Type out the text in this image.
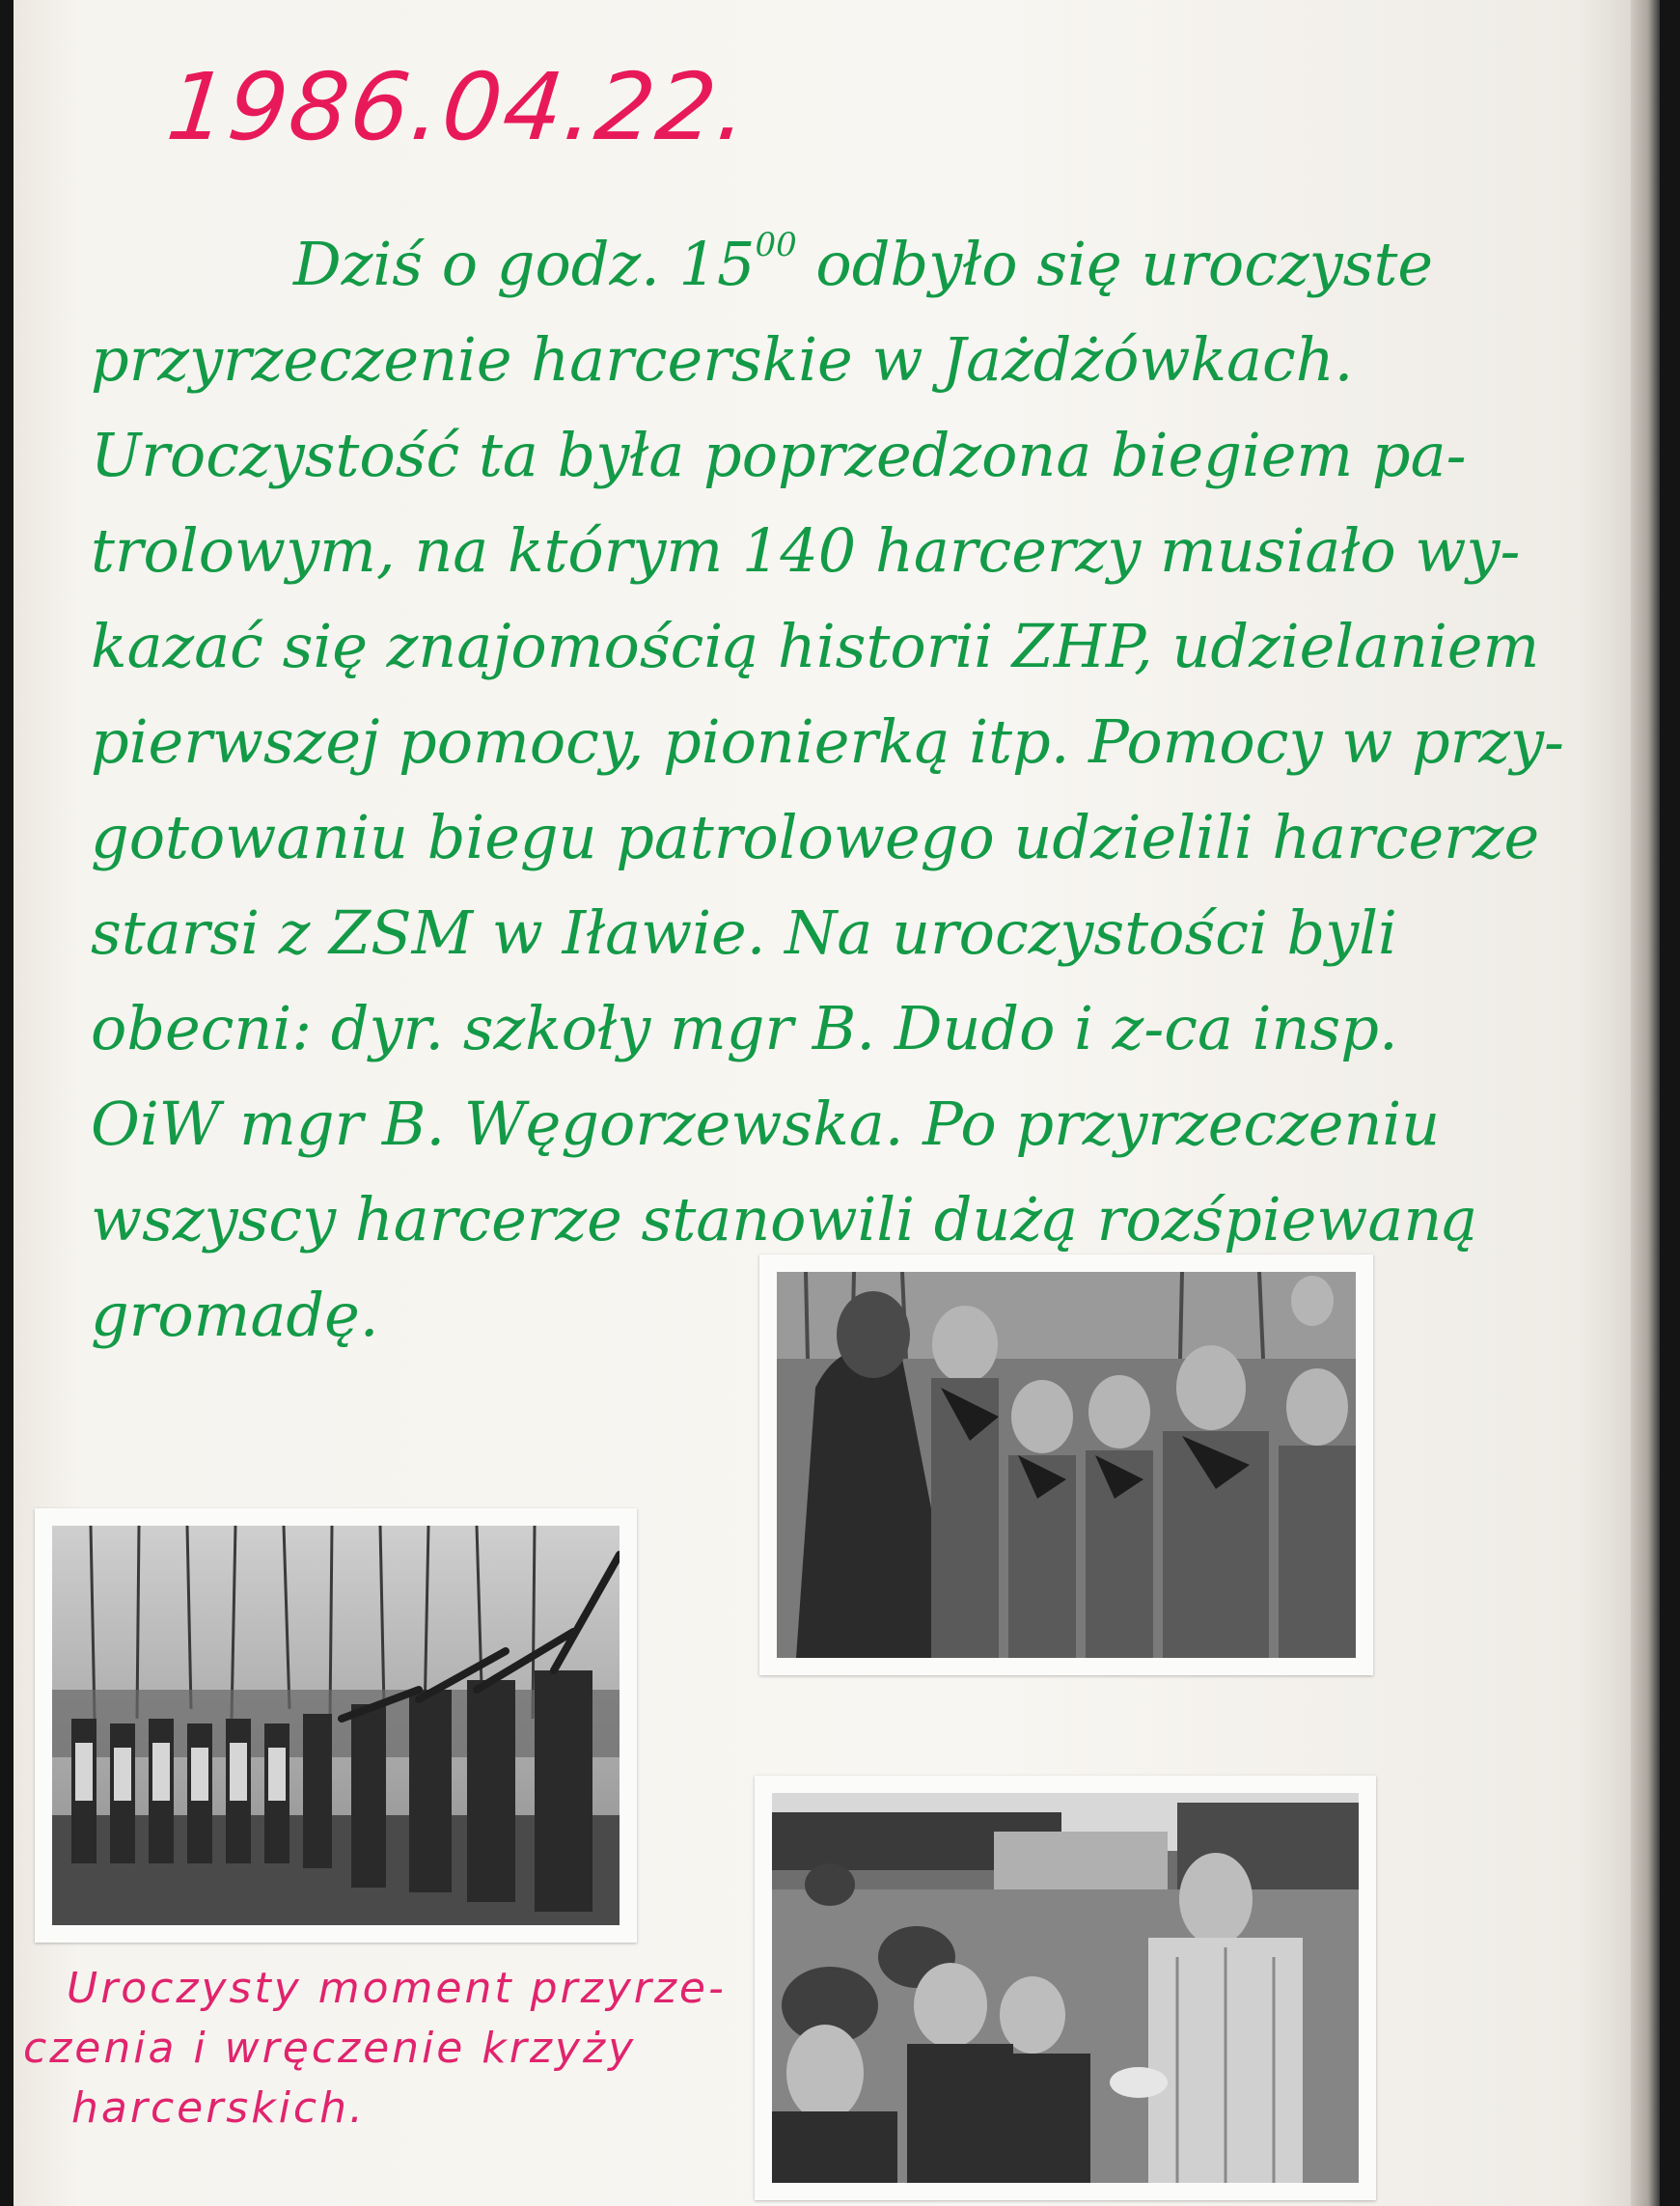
1986.04.22.
Dziś o godz. $15^{00}$ odbyło się uroczyste
przyrzeczenie harcerskie w Jażdżówkach.
Uroczystość ta była poprzedzona biegiem pa-
trolowym, na którym 140 harcerzy musiało wy-
kazać się znajomością historii ZHP, udzielaniem
pierwszej pomocy, pionierką itp. Pomocy w przy-
gotowaniu biegu patrolowego udzielili harcerze
starsi z ZSM w Iławie. Na uroczystości byli
obecni: dyr. szkoły mgr B. Dudo i z-ca insp.
OiW mgr B. Węgorzewska. Po przyrzeczeniu
wszyscy harcerze stanowili dużą rozśpiewaną
gromadę.
Uroczysty moment przyrze-
czenia i wręczenie krzyży
harcerskich.
